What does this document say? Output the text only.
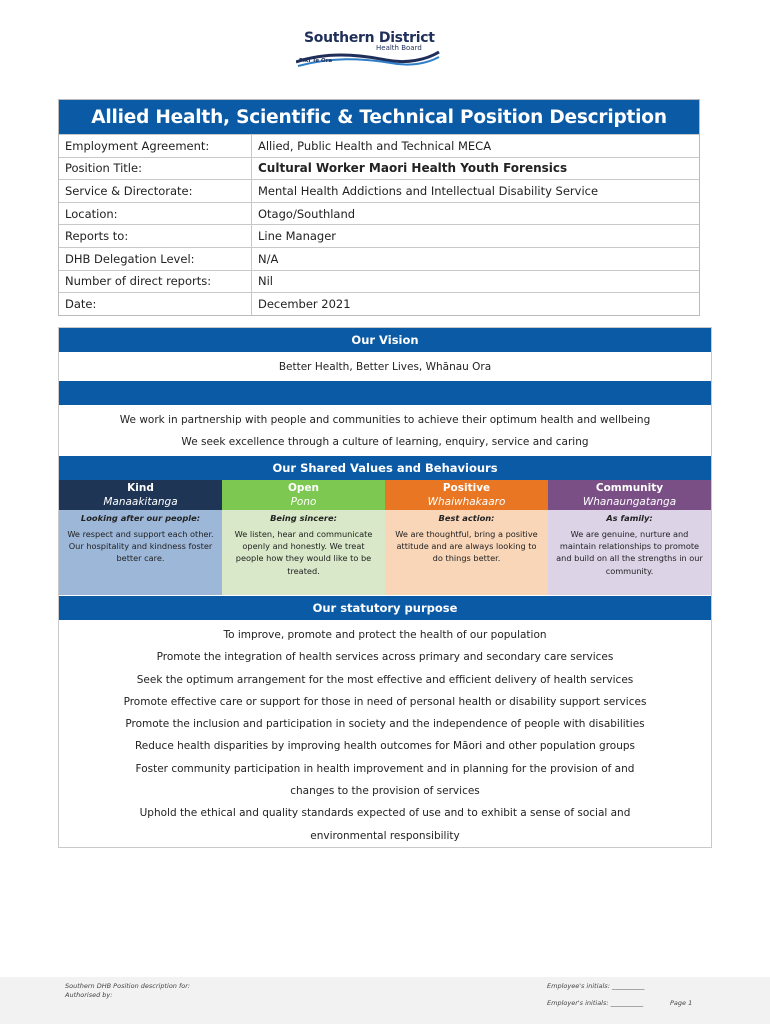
Southern District
Health Board
Piki Te Ora
Allied Health, Scientific & Technical Position Description
Employment Agreement:	Allied, Public Health and Technical MECA
Position Title:	Cultural Worker Maori Health Youth Forensics
Service & Directorate:	Mental Health Addictions and Intellectual Disability Service
Location:	Otago/Southland
Reports to:	Line Manager
DHB Delegation Level:	N/A
Number of direct reports:	Nil
Date:	December 2021
Our Vision
Better Health, Better Lives, Whānau Ora
We work in partnership with people and communities to achieve their optimum health and wellbeing
We seek excellence through a culture of learning, enquiry, service and caring
Our Shared Values and Behaviours
Kind
Manaakitanga
Looking after our people:
We respect and support each other. Our hospitality and kindness foster better care.
Open
Pono
Being sincere:
We listen, hear and communicate openly and honestly. We treat people how they would like to be treated.
Positive
Whaiwhakaaro
Best action:
We are thoughtful, bring a positive attitude and are always looking to do things better.
Community
Whanaungatanga
As family:
We are genuine, nurture and maintain relationships to promote and build on all the strengths in our community.
Our statutory purpose
To improve, promote and protect the health of our population
Promote the integration of health services across primary and secondary care services
Seek the optimum arrangement for the most effective and efficient delivery of health services
Promote effective care or support for those in need of personal health or disability support services
Promote the inclusion and participation in society and the independence of people with disabilities
Reduce health disparities by improving health outcomes for Māori and other population groups
Foster community participation in health improvement and in planning for the provision of and
changes to the provision of services
Uphold the ethical and quality standards expected of use and to exhibit a sense of social and
environmental responsibility
Southern DHB Position description for:
Authorised by:
Employee's initials: __________
Employer's initials: __________	Page 1
